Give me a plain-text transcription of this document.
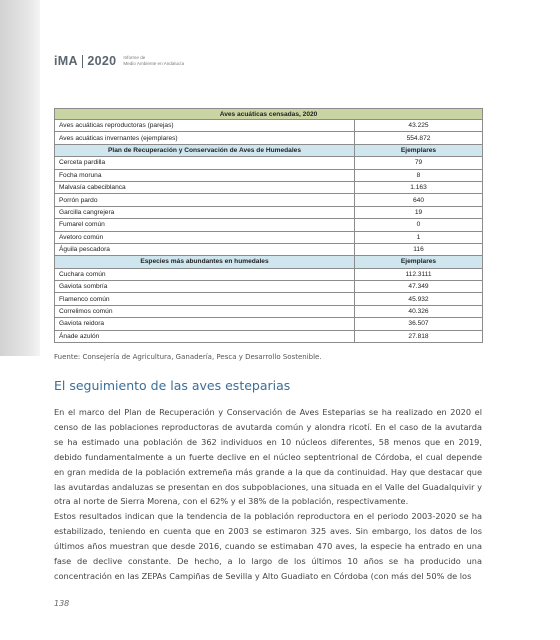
iMA 2020 Informe de
Medio Ambiente en Andalucía
Aves acuáticas censadas, 2020	
Aves acuáticas reproductoras (parejas)	43.225
Aves acuáticas invernantes (ejemplares)	554.872
Plan de Recuperación y Conservación de Aves de Humedales	Ejemplares
Cerceta pardilla	79
Focha moruna	8
Malvasía cabeciblanca	1.163
Porrón pardo	640
Garcilla cangrejera	19
Fumarel común	0
Avetoro común	1
Águila pescadora	116
Especies más abundantes en humedales	Ejemplares
Cuchara común	112.3111
Gaviota sombría	47.349
Flamenco común	45.932
Correlimos común	40.326
Gaviota reidora	36.507
Ánade azulón	27.818
Fuente: Consejería de Agricultura, Ganadería, Pesca y Desarrollo Sostenible.
El seguimiento de las aves esteparias

En el marco del Plan de Recuperación y Conservación de Aves Esteparias se ha realizado en 2020 el censo de las poblaciones reproductoras de avutarda común y alondra ricotí. En el caso de la avutarda se ha estimado una población de 362 individuos en 10 núcleos diferentes, 58 menos que en 2019, debido fundamentalmente a un fuerte declive en el núcleo septentrional de Córdoba, el cual depende en gran medida de la población extremeña más grande a la que da continuidad. Hay que destacar que las avutardas andaluzas se presentan en dos subpoblaciones, una situada en el Valle del Guadalquivir y otra al norte de Sierra Morena, con el 62% y el 38% de la población, respectivamente.

Estos resultados indican que la tendencia de la población reproductora en el periodo 2003-2020 se ha estabilizado, teniendo en cuenta que en 2003 se estimaron 325 aves. Sin embargo, los datos de los últimos años muestran que desde 2016, cuando se estimaban 470 aves, la especie ha entrado en una fase de declive constante. De hecho, a lo largo de los últimos 10 años se ha producido una concentración en las ZEPAs Campiñas de Sevilla y Alto Guadiato en Córdoba (con más del 50% de los

138
